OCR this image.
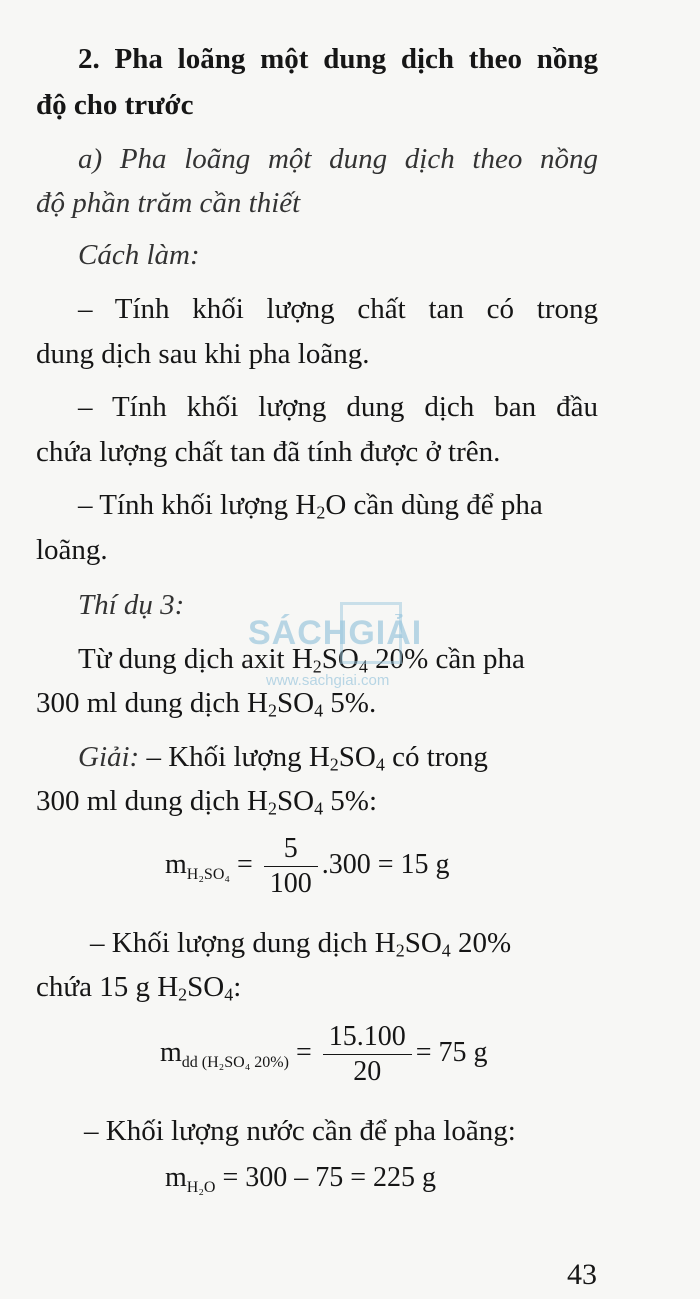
2. Pha loãng một dung dịch theo nồng
độ cho trước
a) Pha loãng một dung dịch theo nồng
độ phần trăm cần thiết
Cách làm:
– Tính khối lượng chất tan có trong
dung dịch sau khi pha loãng.
– Tính khối lượng dung dịch ban đầu
chứa lượng chất tan đã tính được ở trên.
– Tính khối lượng $H_2O$ cần dùng để pha
loãng.
Thí dụ 3:
Từ dung dịch axit $H_2SO_4$ 20% cần pha
300 ml dung dịch $H_2SO_4$ 5%.
Giải: – Khối lượng $H_2SO_4$ có trong
300 ml dung dịch $H_2SO_4$ 5%:
$m_{H_2SO_4} = \frac{5}{100} .300 = 15$ g
– Khối lượng dung dịch $H_2SO_4$ 20%
chứa 15 g $H_2SO_4$:
$m_{dd (H_2SO_4 20\%)} = \frac{15.100}{20} = 75$ g
– Khối lượng nước cần để pha loãng:
$m_{H_2O} = 300 - 75 = 225$ g
SÁCHGIẢI
www.sachgiai.com
43
